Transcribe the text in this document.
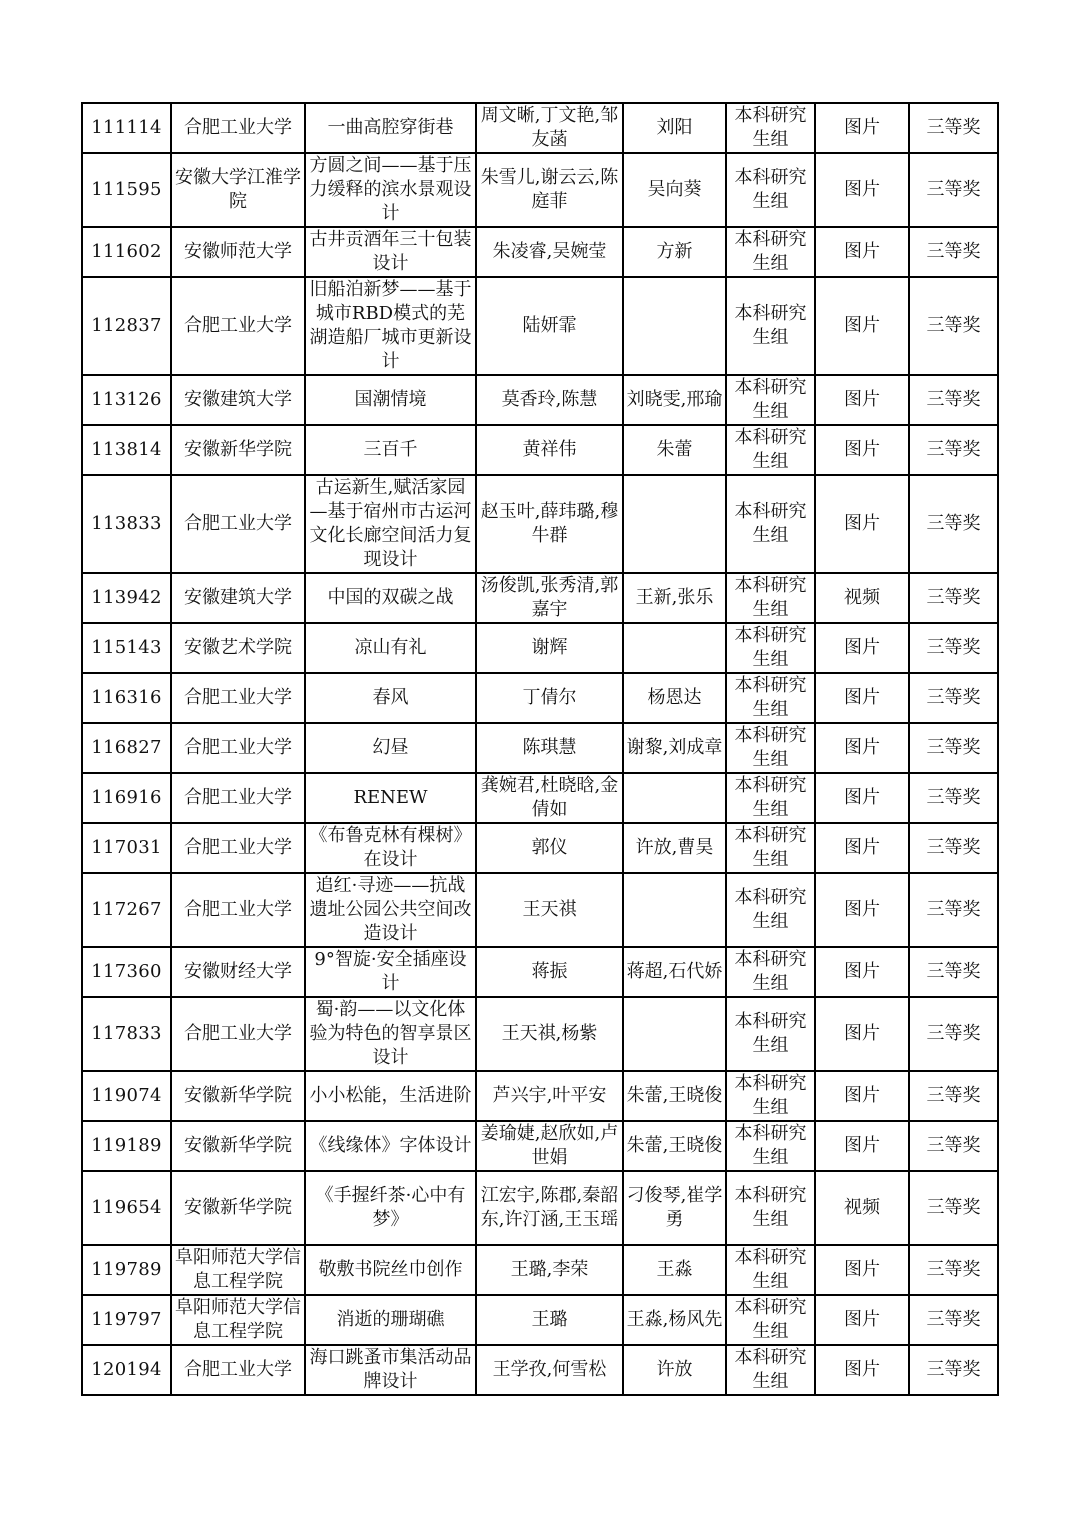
111114	合肥工业大学	一曲高腔穿街巷	周文晰,丁文艳,邹友菡	刘阳	本科研究生组	图片	三等奖
111595	安徽大学江淮学院	方圆之间——基于压力缓释的滨水景观设计	朱雪儿,谢云云,陈庭菲	吴向葵	本科研究生组	图片	三等奖
111602	安徽师范大学	古井贡酒年三十包装设计	朱凌睿,吴婉莹	方新	本科研究生组	图片	三等奖
112837	合肥工业大学	旧船泊新梦——基于城市RBD模式的芜湖造船厂城市更新设计	陆妍霏		本科研究生组	图片	三等奖
113126	安徽建筑大学	国潮情境	莫香玲,陈慧	刘晓雯,邢瑜	本科研究生组	图片	三等奖
113814	安徽新华学院	三百千	黄祥伟	朱蕾	本科研究生组	图片	三等奖
113833	合肥工业大学	古运新生,赋活家园—基于宿州市古运河文化长廊空间活力复现设计	赵玉叶,薛玮璐,穆牛群		本科研究生组	图片	三等奖
113942	安徽建筑大学	中国的双碳之战	汤俊凯,张秀清,郭嘉宇	王新,张乐	本科研究生组	视频	三等奖
115143	安徽艺术学院	凉山有礼	谢辉		本科研究生组	图片	三等奖
116316	合肥工业大学	春风	丁倩尔	杨恩达	本科研究生组	图片	三等奖
116827	合肥工业大学	幻昼	陈琪慧	谢黎,刘成章	本科研究生组	图片	三等奖
116916	合肥工业大学	RENEW	龚婉君,杜晓晗,金倩如		本科研究生组	图片	三等奖
117031	合肥工业大学	《布鲁克林有棵树》在设计	郭仪	许放,曹昊	本科研究生组	图片	三等奖
117267	合肥工业大学	追红·寻迹——抗战遗址公园公共空间改造设计	王天祺		本科研究生组	图片	三等奖
117360	安徽财经大学	9°智旋·安全插座设计	蒋振	蒋超,石代娇	本科研究生组	图片	三等奖
117833	合肥工业大学	蜀·韵——以文化体验为特色的智享景区设计	王天祺,杨紫		本科研究生组	图片	三等奖
119074	安徽新华学院	小小松能，生活进阶	芦兴宇,叶平安	朱蕾,王晓俊	本科研究生组	图片	三等奖
119189	安徽新华学院	《线缘体》字体设计	姜瑜婕,赵欣如,卢世娟	朱蕾,王晓俊	本科研究生组	图片	三等奖
119654	安徽新华学院	《手握纤茶·心中有梦》	江宏宇,陈郡,秦韶东,许汀涵,王玉瑶	刁俊琴,崔学勇	本科研究生组	视频	三等奖
119789	阜阳师范大学信息工程学院	敬敷书院丝巾创作	王璐,李荣	王淼	本科研究生组	图片	三等奖
119797	阜阳师范大学信息工程学院	消逝的珊瑚礁	王璐	王淼,杨风先	本科研究生组	图片	三等奖
120194	合肥工业大学	海口跳蚤市集活动品牌设计	王学孜,何雪松	许放	本科研究生组	图片	三等奖
